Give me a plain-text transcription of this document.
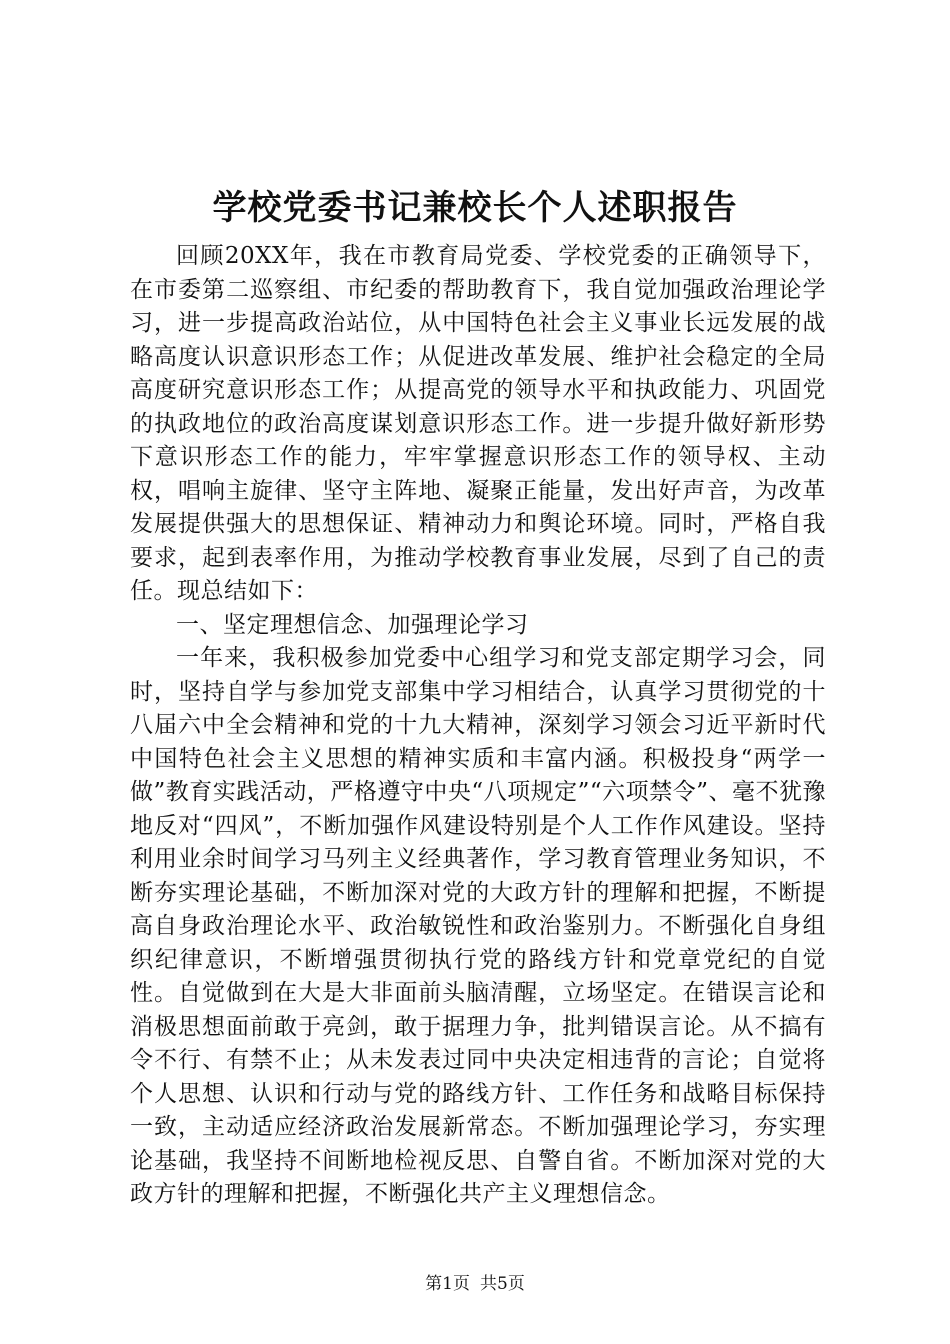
学校党委书记兼校长个人述职报告

回顾20XX年，我在市教育局党委、学校党委的正确领导下，在市委第二巡察组、市纪委的帮助教育下，我自觉加强政治理论学习，进一步提高政治站位，从中国特色社会主义事业长远发展的战略高度认识意识形态工作；从促进改革发展、维护社会稳定的全局高度研究意识形态工作；从提高党的领导水平和执政能力、巩固党的执政地位的政治高度谋划意识形态工作。进一步提升做好新形势下意识形态工作的能力，牢牢掌握意识形态工作的领导权、主动权，唱响主旋律、坚守主阵地、凝聚正能量，发出好声音，为改革发展提供强大的思想保证、精神动力和舆论环境。同时，严格自我要求，起到表率作用，为推动学校教育事业发展，尽到了自己的责任。现总结如下：

一、坚定理想信念、加强理论学习

一年来，我积极参加党委中心组学习和党支部定期学习会，同时，坚持自学与参加党支部集中学习相结合，认真学习贯彻党的十八届六中全会精神和党的十九大精神，深刻学习领会习近平新时代中国特色社会主义思想的精神实质和丰富内涵。积极投身“两学一做”教育实践活动，严格遵守中央“八项规定”“六项禁令”、毫不犹豫地反对“四风”，不断加强作风建设特别是个人工作作风建设。坚持利用业余时间学习马列主义经典著作，学习教育管理业务知识，不断夯实理论基础，不断加深对党的大政方针的理解和把握，不断提高自身政治理论水平、政治敏锐性和政治鉴别力。不断强化自身组织纪律意识，不断增强贯彻执行党的路线方针和党章党纪的自觉性。自觉做到在大是大非面前头脑清醒，立场坚定。在错误言论和消极思想面前敢于亮剑，敢于据理力争，批判错误言论。从不搞有令不行、有禁不止；从未发表过同中央决定相违背的言论；自觉将个人思想、认识和行动与党的路线方针、工作任务和战略目标保持一致，主动适应经济政治发展新常态。不断加强理论学习，夯实理论基础，我坚持不间断地检视反思、自警自省。不断加深对党的大政方针的理解和把握，不断强化共产主义理想信念。

第1页 共5页
